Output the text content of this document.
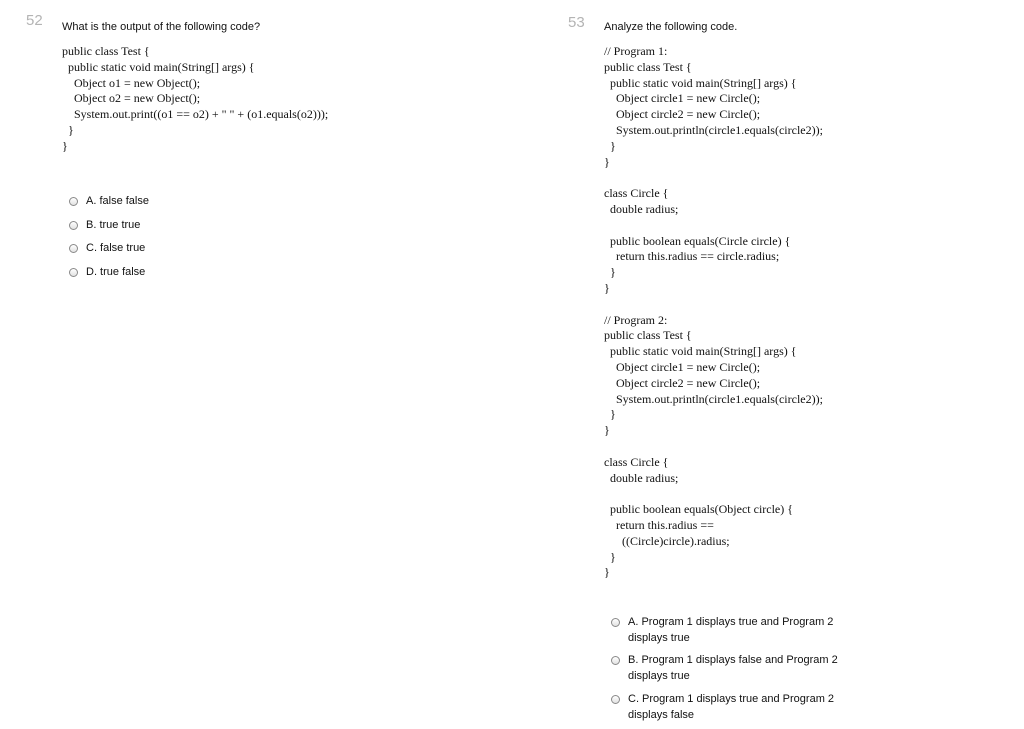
52 What is the output of the following code?
public class Test {
public static void main(String[] args) {
Object o1 = new Object();
Object o2 = new Object();
System.out.print((o1 == o2) + " " + (o1.equals(o2)));
}
}
A. false false
B. true true
C. false true
D. true false
53 Analyze the following code.
// Program 1:
public class Test {
public static void main(String[] args) {
Object circle1 = new Circle();
Object circle2 = new Circle();
System.out.println(circle1.equals(circle2));
}
}

class Circle {
double radius;

public boolean equals(Circle circle) {
return this.radius == circle.radius;
}
}

// Program 2:
public class Test {
public static void main(String[] args) {
Object circle1 = new Circle();
Object circle2 = new Circle();
System.out.println(circle1.equals(circle2));
}
}

class Circle {
double radius;

public boolean equals(Object circle) {
return this.radius ==
((Circle)circle).radius;
}
}
A. Program 1 displays true and Program 2 displays true
B. Program 1 displays false and Program 2 displays true
C. Program 1 displays true and Program 2 displays false
